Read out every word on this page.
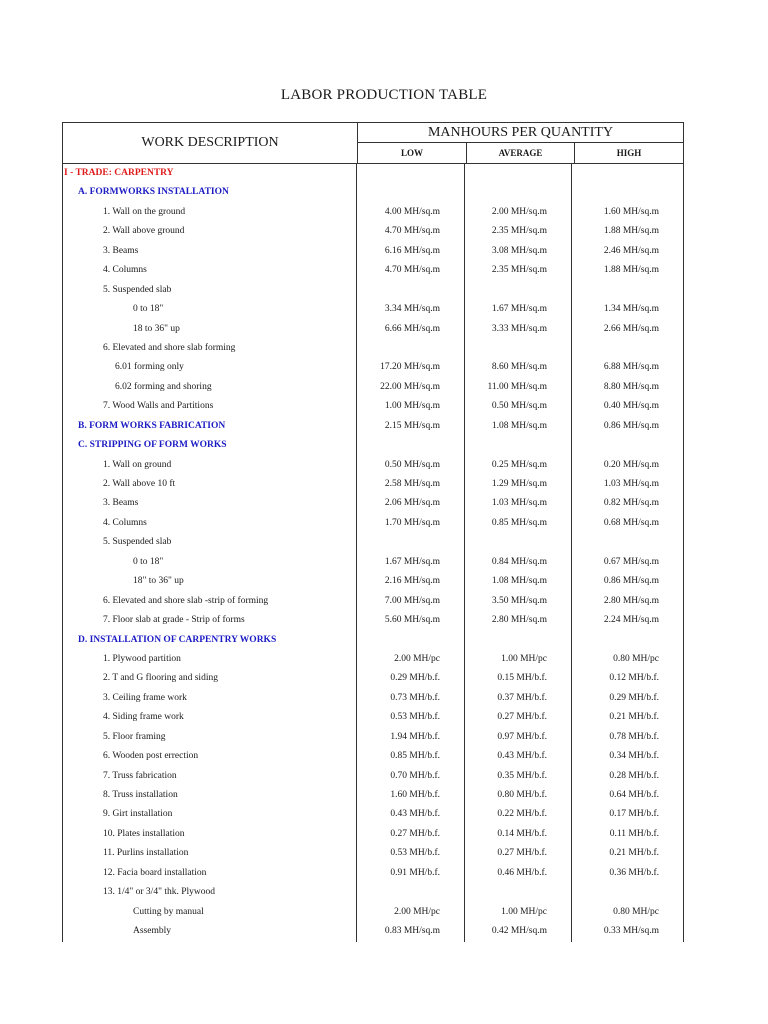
LABOR PRODUCTION TABLE
WORK DESCRIPTION
MANHOURS PER QUANTITY
LOW	AVERAGE	HIGH
I - TRADE: CARPENTRY
A. FORMWORKS INSTALLATION
1. Wall on the ground	4.00 MH/sq.m	2.00 MH/sq.m	1.60 MH/sq.m
2. Wall above ground	4.70 MH/sq.m	2.35 MH/sq.m	1.88 MH/sq.m
3. Beams	6.16 MH/sq.m	3.08 MH/sq.m	2.46 MH/sq.m
4. Columns	4.70 MH/sq.m	2.35 MH/sq.m	1.88 MH/sq.m
5. Suspended slab
0 to 18"	3.34 MH/sq.m	1.67 MH/sq.m	1.34 MH/sq.m
18 to 36" up	6.66 MH/sq.m	3.33 MH/sq.m	2.66 MH/sq.m
6. Elevated and shore slab forming
6.01 forming only	17.20 MH/sq.m	8.60 MH/sq.m	6.88 MH/sq.m
6.02 forming and shoring	22.00 MH/sq.m	11.00 MH/sq.m	8.80 MH/sq.m
7. Wood Walls and Partitions	1.00 MH/sq.m	0.50 MH/sq.m	0.40 MH/sq.m
B. FORM WORKS FABRICATION	2.15 MH/sq.m	1.08 MH/sq.m	0.86 MH/sq.m
C. STRIPPING OF FORM WORKS
1. Wall on ground	0.50 MH/sq.m	0.25 MH/sq.m	0.20 MH/sq.m
2. Wall above 10 ft	2.58 MH/sq.m	1.29 MH/sq.m	1.03 MH/sq.m
3. Beams	2.06 MH/sq.m	1.03 MH/sq.m	0.82 MH/sq.m
4. Columns	1.70 MH/sq.m	0.85 MH/sq.m	0.68 MH/sq.m
5. Suspended slab
0 to 18"	1.67 MH/sq.m	0.84 MH/sq.m	0.67 MH/sq.m
18" to 36" up	2.16 MH/sq.m	1.08 MH/sq.m	0.86 MH/sq.m
6. Elevated and shore slab -strip of forming	7.00 MH/sq.m	3.50 MH/sq.m	2.80 MH/sq.m
7. Floor slab at grade - Strip of forms	5.60 MH/sq.m	2.80 MH/sq.m	2.24 MH/sq.m
D. INSTALLATION OF CARPENTRY WORKS
1. Plywood partition	2.00 MH/pc	1.00 MH/pc	0.80 MH/pc
2. T and G flooring and siding	0.29 MH/b.f.	0.15 MH/b.f.	0.12 MH/b.f.
3. Ceiling frame work	0.73 MH/b.f.	0.37 MH/b.f.	0.29 MH/b.f.
4. Siding frame work	0.53 MH/b.f.	0.27 MH/b.f.	0.21 MH/b.f.
5. Floor framing	1.94 MH/b.f.	0.97 MH/b.f.	0.78 MH/b.f.
6. Wooden post errection	0.85 MH/b.f.	0.43 MH/b.f.	0.34 MH/b.f.
7. Truss fabrication	0.70 MH/b.f.	0.35 MH/b.f.	0.28 MH/b.f.
8. Truss installation	1.60 MH/b.f.	0.80 MH/b.f.	0.64 MH/b.f.
9. Girt installation	0.43 MH/b.f.	0.22 MH/b.f.	0.17 MH/b.f.
10. Plates installation	0.27 MH/b.f.	0.14 MH/b.f.	0.11 MH/b.f.
11. Purlins installation	0.53 MH/b.f.	0.27 MH/b.f.	0.21 MH/b.f.
12. Facia board installation	0.91 MH/b.f.	0.46 MH/b.f.	0.36 MH/b.f.
13. 1/4" or 3/4" thk. Plywood
Cutting by manual	2.00 MH/pc	1.00 MH/pc	0.80 MH/pc
Assembly	0.83 MH/sq.m	0.42 MH/sq.m	0.33 MH/sq.m
